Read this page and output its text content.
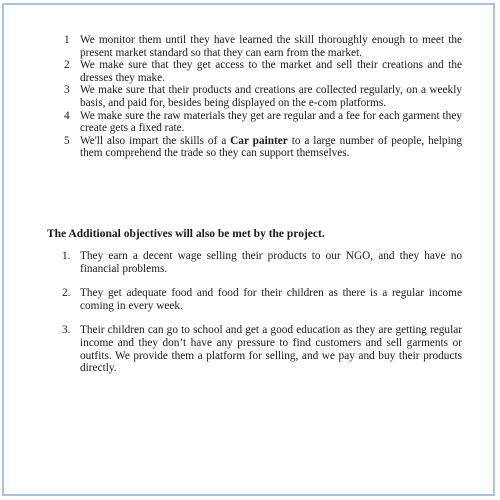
1 We monitor them until they have learned the skill thoroughly enough to meet the present market standard so that they can earn from the market.
2 We make sure that they get access to the market and sell their creations and the dresses they make.
3 We make sure that their products and creations are collected regularly, on a weekly basis, and paid for, besides being displayed on the e-com platforms.
4 We make sure the raw materials they get are regular and a fee for each garment they create gets a fixed rate.
5 We'll also impart the skills of a Car painter to a large number of people, helping them comprehend the trade so they can support themselves.
The Additional objectives will also be met by the project.
1. They earn a decent wage selling their products to our NGO, and they have no financial problems.
2. They get adequate food and food for their children as there is a regular income coming in every week.
3. Their children can go to school and get a good education as they are getting regular income and they don’t have any pressure to find customers and sell garments or outfits. We provide them a platform for selling, and we pay and buy their products directly.
